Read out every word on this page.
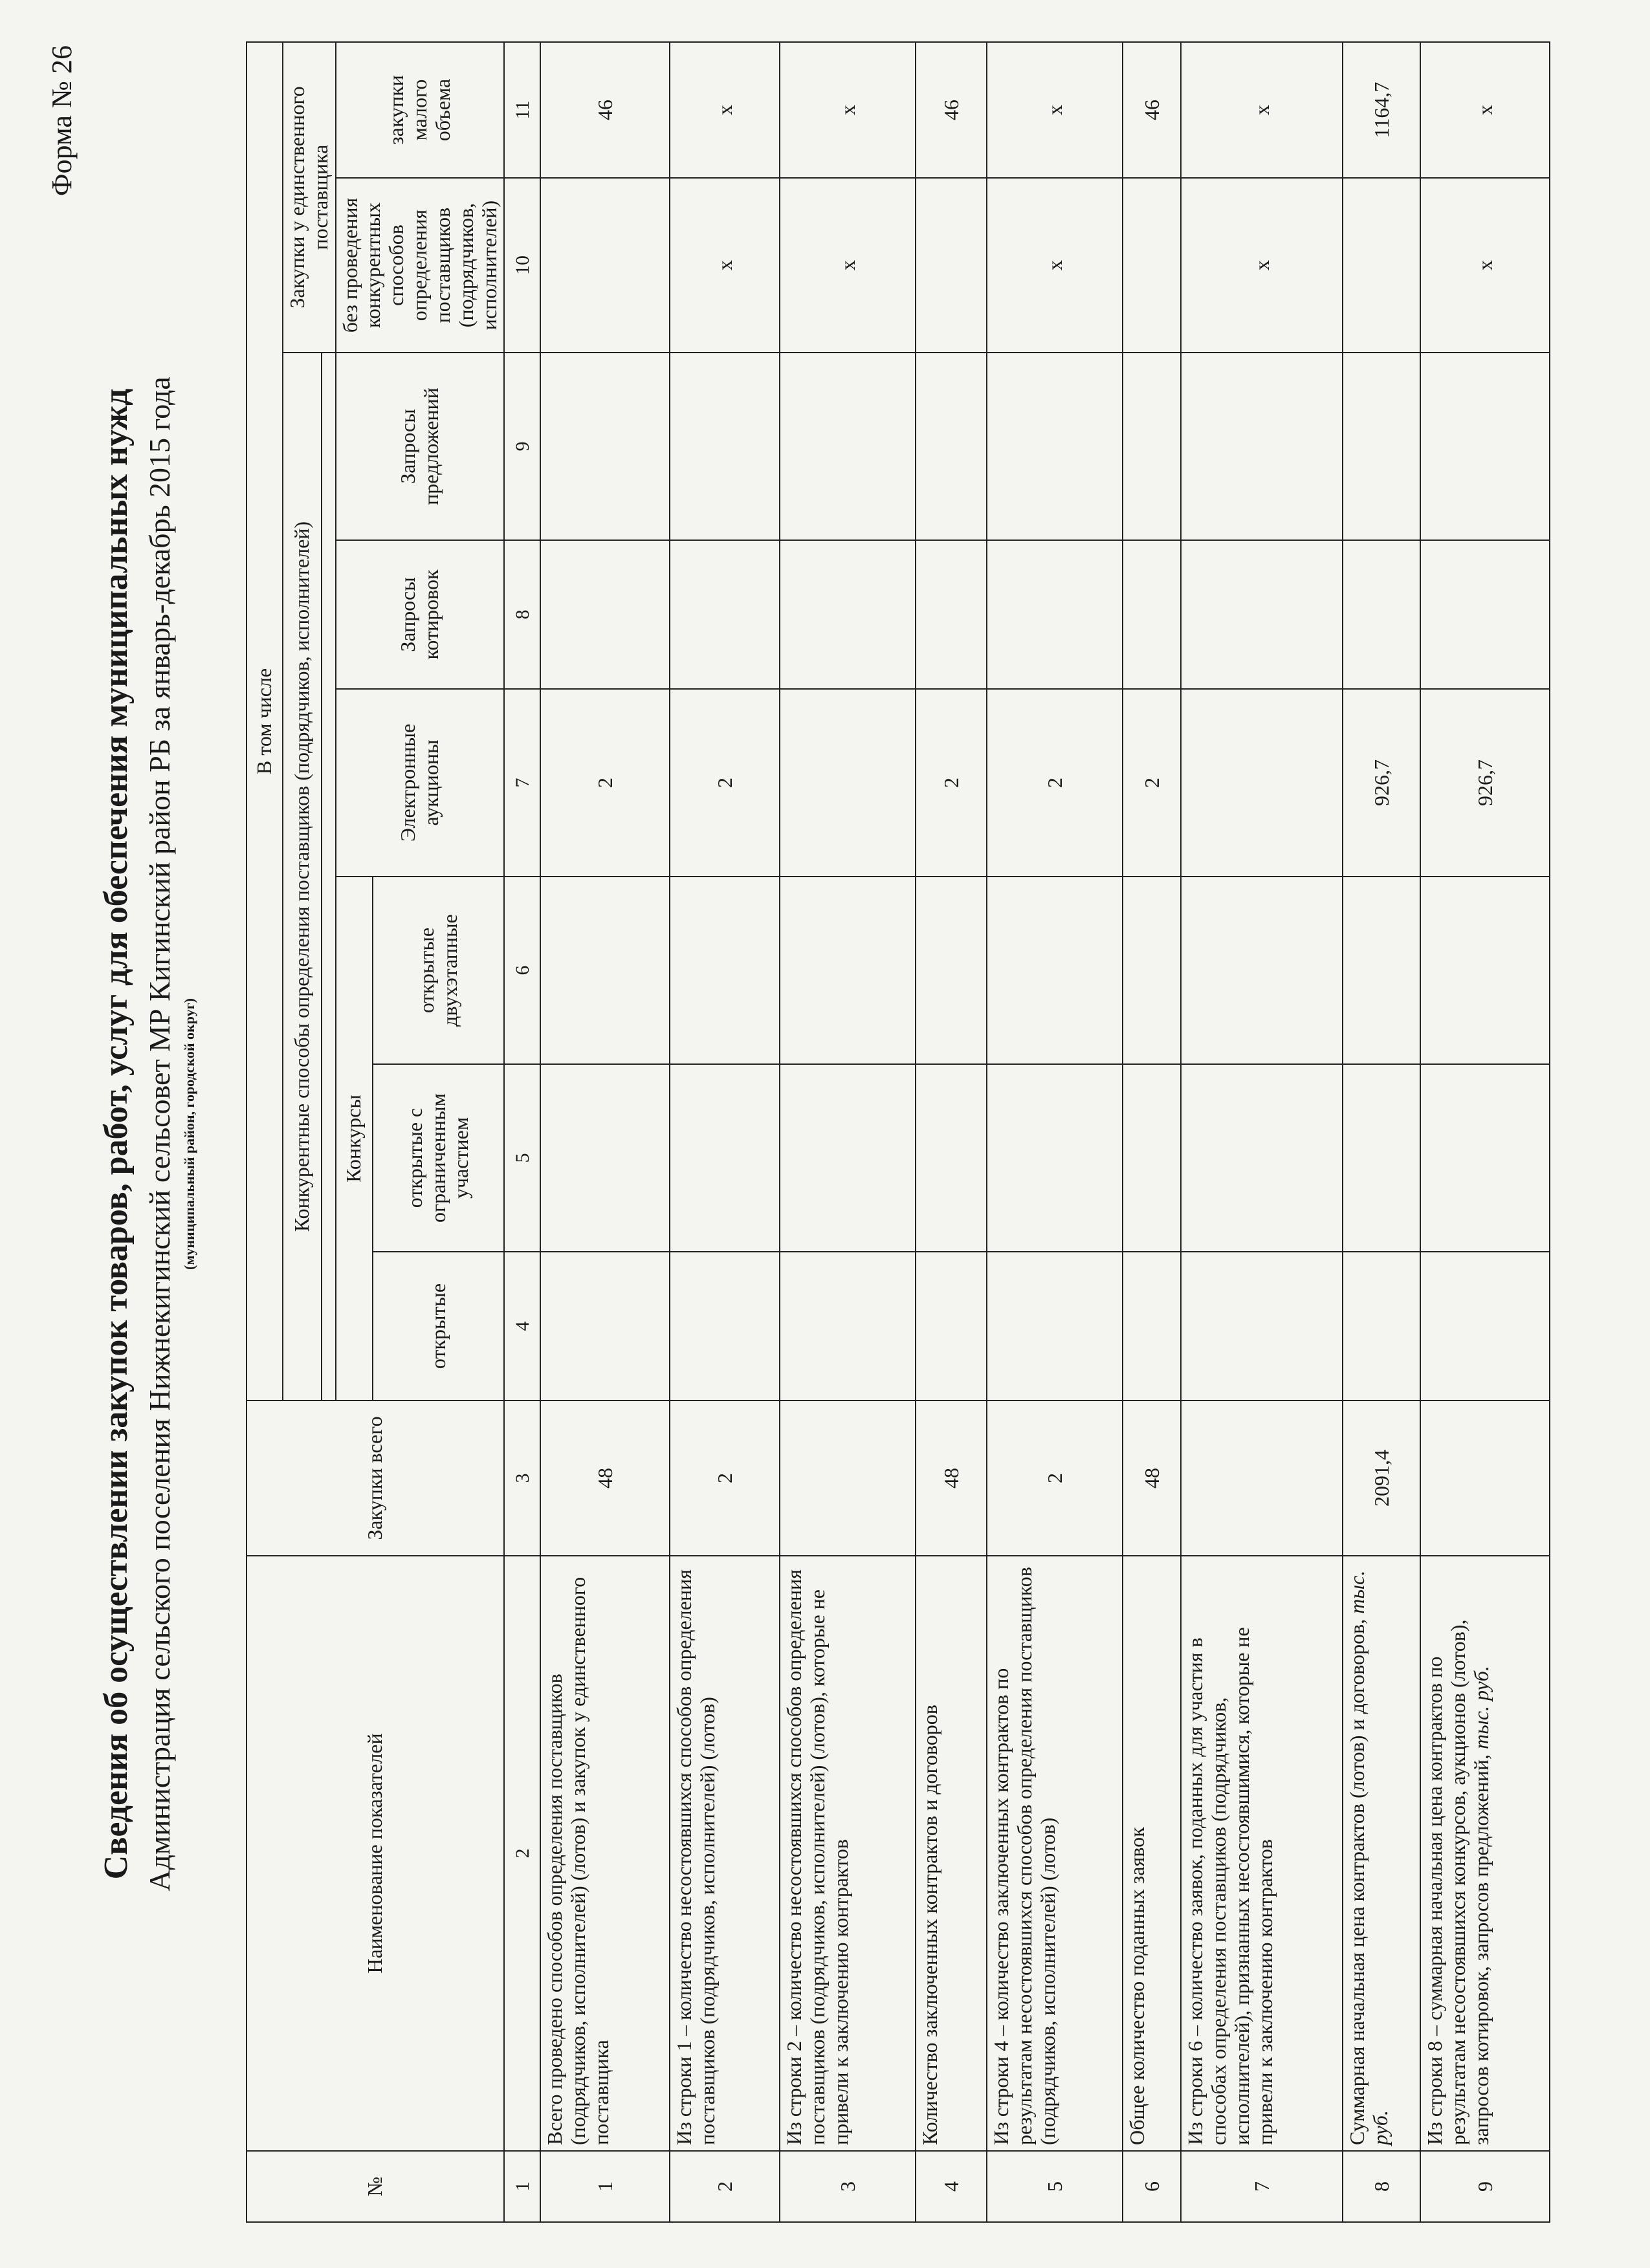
Форма № 26
Сведения об осуществлении закупок товаров, работ, услуг для обеспечения муниципальных нужд Администрация сельского поселения Нижнекигинский сельсовет МР Кигинский район РБ за январь-декабрь 2015 года (муниципальный район, городской округ)
№	Наименование показателей	Закупки всего	В том числе							
			Конкурентные способы определения поставщиков (подрядчиков, исполнителей)						Закупки у единственного поставщика	

			Конкурсы			Электронные аукционы	Запросы котировок	Запросы предложений	без проведения конкурентных способов определения поставщиков (подрядчиков, исполнителей)	закупки малого объема
			открытые	открытые с ограниченным участием	открытые двухэтапные					
1	2	3	4	5	6	7	8	9	10	11
1	Всего проведено способов определения поставщиков (подрядчиков, исполнителей) (лотов) и закупок у единственного поставщика	48				2				46
2	Из строки 1 – количество несостоявшихся способов определения поставщиков (подрядчиков, исполнителей) (лотов)	2				2			х	х
3	Из строки 2 – количество несостоявшихся способов определения поставщиков (подрядчиков, исполнителей) (лотов), которые не привели к заключению контрактов								х	х
4	Количество заключенных контрактов и договоров	48				2				46
5	Из строки 4 – количество заключенных контрактов по результатам несостоявшихся способов определения поставщиков (подрядчиков, исполнителей) (лотов)	2				2			х	х
6	Общее количество поданных заявок	48				2				46
7	Из строки 6 – количество заявок, поданных для участия в способах определения поставщиков (подрядчиков, исполнителей), признанных несостоявшимися, которые не привели к заключению контрактов								х	х
8	Суммарная начальная цена контрактов (лотов) и договоров, тыс. руб.	2091,4				926,7				1164,7
9	Из строки 8 – суммарная начальная цена контрактов по результатам несостоявшихся конкурсов, аукционов (лотов), запросов котировок, запросов предложений, тыс. руб.					926,7			х	х
